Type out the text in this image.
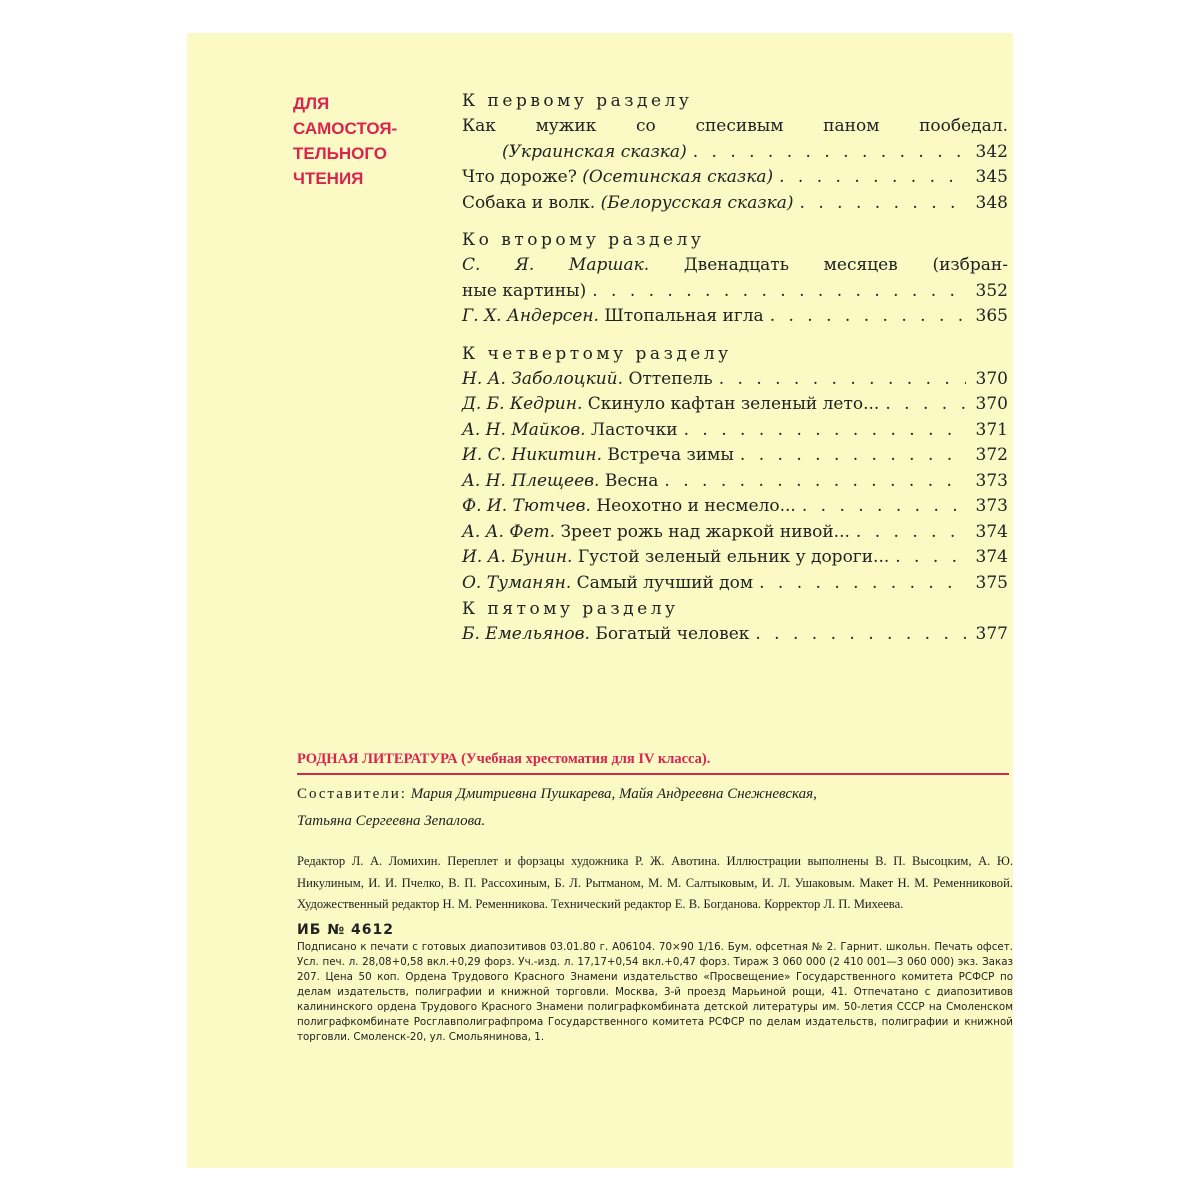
ДЛЯ
САМОСТОЯ-
ТЕЛЬНОГО
ЧТЕНИЯ
К первому разделу
Как мужик со спесивым паном пообедал.
(Украинская сказка) . . .	342
Что дороже? (Осетинская сказка) . . .	345
Собака и волк. (Белорусская сказка) . . .	348
Ко второму разделу
С. Я. Маршак. Двенадцать месяцев (избран-
ные картины) . . .	352
Г. Х. Андерсен. Штопальная игла . . .	365
К четвертому разделу
Н. А. Заболоцкий. Оттепель . . .	370
Д. Б. Кедрин. Скинуло кафтан зеленый лето... . . .	370
А. Н. Майков. Ласточки . . .	371
И. С. Никитин. Встреча зимы . . .	372
А. Н. Плещеев. Весна . . .	373
Ф. И. Тютчев. Неохотно и несмело... . . .	373
А. А. Фет. Зреет рожь над жаркой нивой... . . .	374
И. А. Бунин. Густой зеленый ельник у дороги... . . .	374
О. Туманян. Самый лучший дом . . .	375
К пятому разделу
Б. Емельянов. Богатый человек . . .	377
РОДНАЯ ЛИТЕРАТУРА (Учебная хрестоматия для IV класса).
Составители: Мария Дмитриевна Пушкарева, Майя Андреевна Снежневская,
Татьяна Сергеевна Зепалова.
Редактор Л. А. Ломихин. Переплет и форзацы художника Р. Ж. Авотина. Иллюстрации выполнены В. П. Высоцким, А. Ю. Никулиным, И. И. Пчелко, В. П. Рассохиным, Б. Л. Рытманом, М. М. Салтыковым, И. Л. Ушаковым. Макет Н. М. Ременниковой. Художественный редактор Н. М. Ременникова. Технический редактор Е. В. Богданова. Корректор Л. П. Михеева.
ИБ № 4612
Подписано к печати с готовых диапозитивов 03.01.80 г. А06104. 70×90 1/16. Бум. офсетная № 2. Гарнит. школьн. Печать офсет. Усл. печ. л. 28,08+0,58 вкл.+0,29 форз. Уч.-изд. л. 17,17+0,54 вкл.+0,47 форз. Тираж 3 060 000 (2 410 001—3 060 000) экз. Заказ 207. Цена 50 коп. Ордена Трудового Красного Знамени издательство «Просвещение» Государственного комитета РСФСР по делам издательств, полиграфии и книжной торговли. Москва, 3-й проезд Марьиной рощи, 41. Отпечатано с диапозитивов калининского ордена Трудового Красного Знамени полиграфкомбината детской литературы им. 50-летия СССР на Смоленском полиграфкомбинате Росглавполиграфпрома Государственного комитета РСФСР по делам издательств, полиграфии и книжной торговли. Смоленск-20, ул. Смольянинова, 1.
